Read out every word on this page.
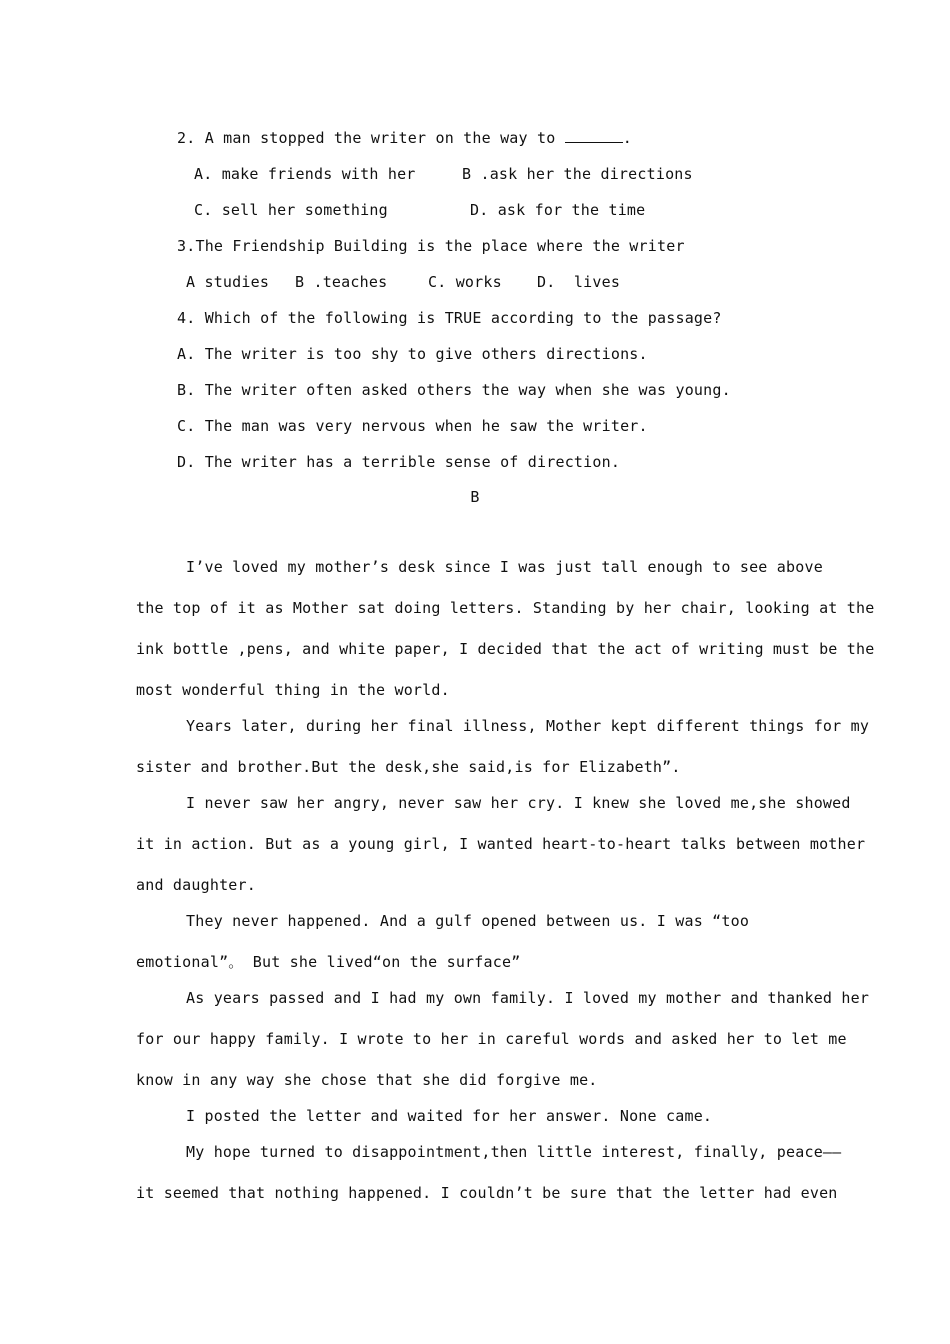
2. A man stopped the writer on the way to	.
A. make friends with her	B .ask her the directions
C. sell her something	D. ask for the time
3.The Friendship Building is the place where the writer
A studies B .teaches	C. works D.  lives
4. Which of the following is TRUE according to the passage?
A. The writer is too shy to give others directions.
B. The writer often asked others the way when she was young.
C. The man was very nervous when he saw the writer.
D. The writer has a terrible sense of direction.
B
I’ve loved my mother’s desk since I was just tall enough to see above
the top of it as Mother sat doing letters. Standing by her chair, looking at the
ink bottle ,pens, and white paper, I decided that the act of writing must be the
most wonderful thing in the world.
Years later, during her final illness, Mother kept different things for my
sister and brother.But the desk,she said,is for Elizabeth”.
I never saw her angry, never saw her cry. I knew she loved me,she showed
it in action. But as a young girl, I wanted heart-to-heart talks between mother
and daughter.
They never happened. And a gulf opened between us. I was “too
emotional”。 But she lived“on the surface”
As years passed and I had my own family. I loved my mother and thanked her
for our happy family. I wrote to her in careful words and asked her to let me
know in any way she chose that she did forgive me.
I posted the letter and waited for her answer. None came.
My hope turned to disappointment,then little interest, finally, peace——
it seemed that nothing happened. I couldn’t be sure that the letter had even
